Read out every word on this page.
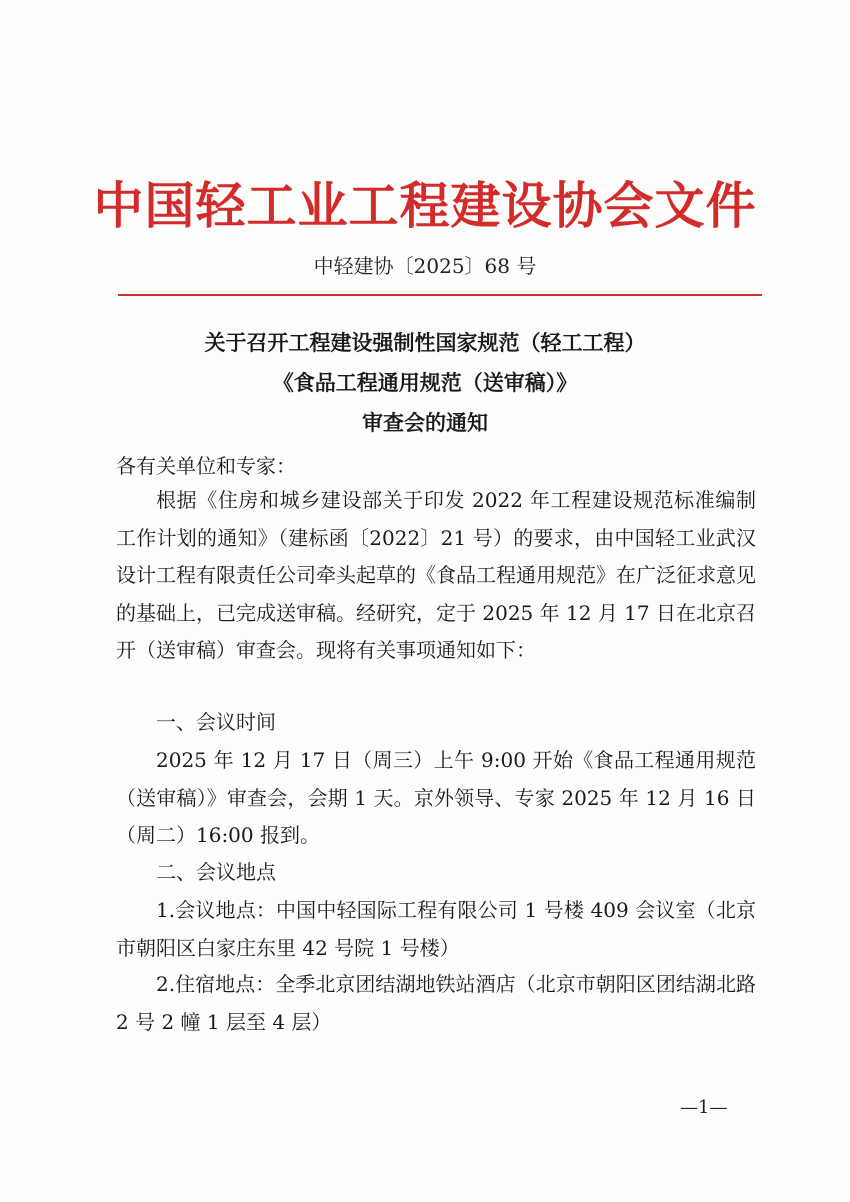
中国轻工业工程建设协会文件
中轻建协〔2025〕68 号
关于召开工程建设强制性国家规范（轻工工程）
《食品工程通用规范（送审稿）》
审查会的通知
各有关单位和专家：

根据《住房和城乡建设部关于印发 2022 年工程建设规范标准编制工作计划的通知》（建标函〔2022〕21 号）的要求，由中国轻工业武汉设计工程有限责任公司牵头起草的《食品工程通用规范》在广泛征求意见的基础上，已完成送审稿。经研究，定于 2025 年 12 月 17 日在北京召开（送审稿）审查会。现将有关事项通知如下：

一、会议时间

2025 年 12 月 17 日（周三）上午 9:00 开始《食品工程通用规范（送审稿）》审查会，会期 1 天。京外领导、专家 2025 年 12 月 16 日（周二）16:00 报到。

二、会议地点

1.会议地点：中国中轻国际工程有限公司 1 号楼 409 会议室（北京市朝阳区白家庄东里 42 号院 1 号楼）

2.住宿地点：全季北京团结湖地铁站酒店（北京市朝阳区团结湖北路 2 号 2 幢 1 层至 4 层）

—1—
